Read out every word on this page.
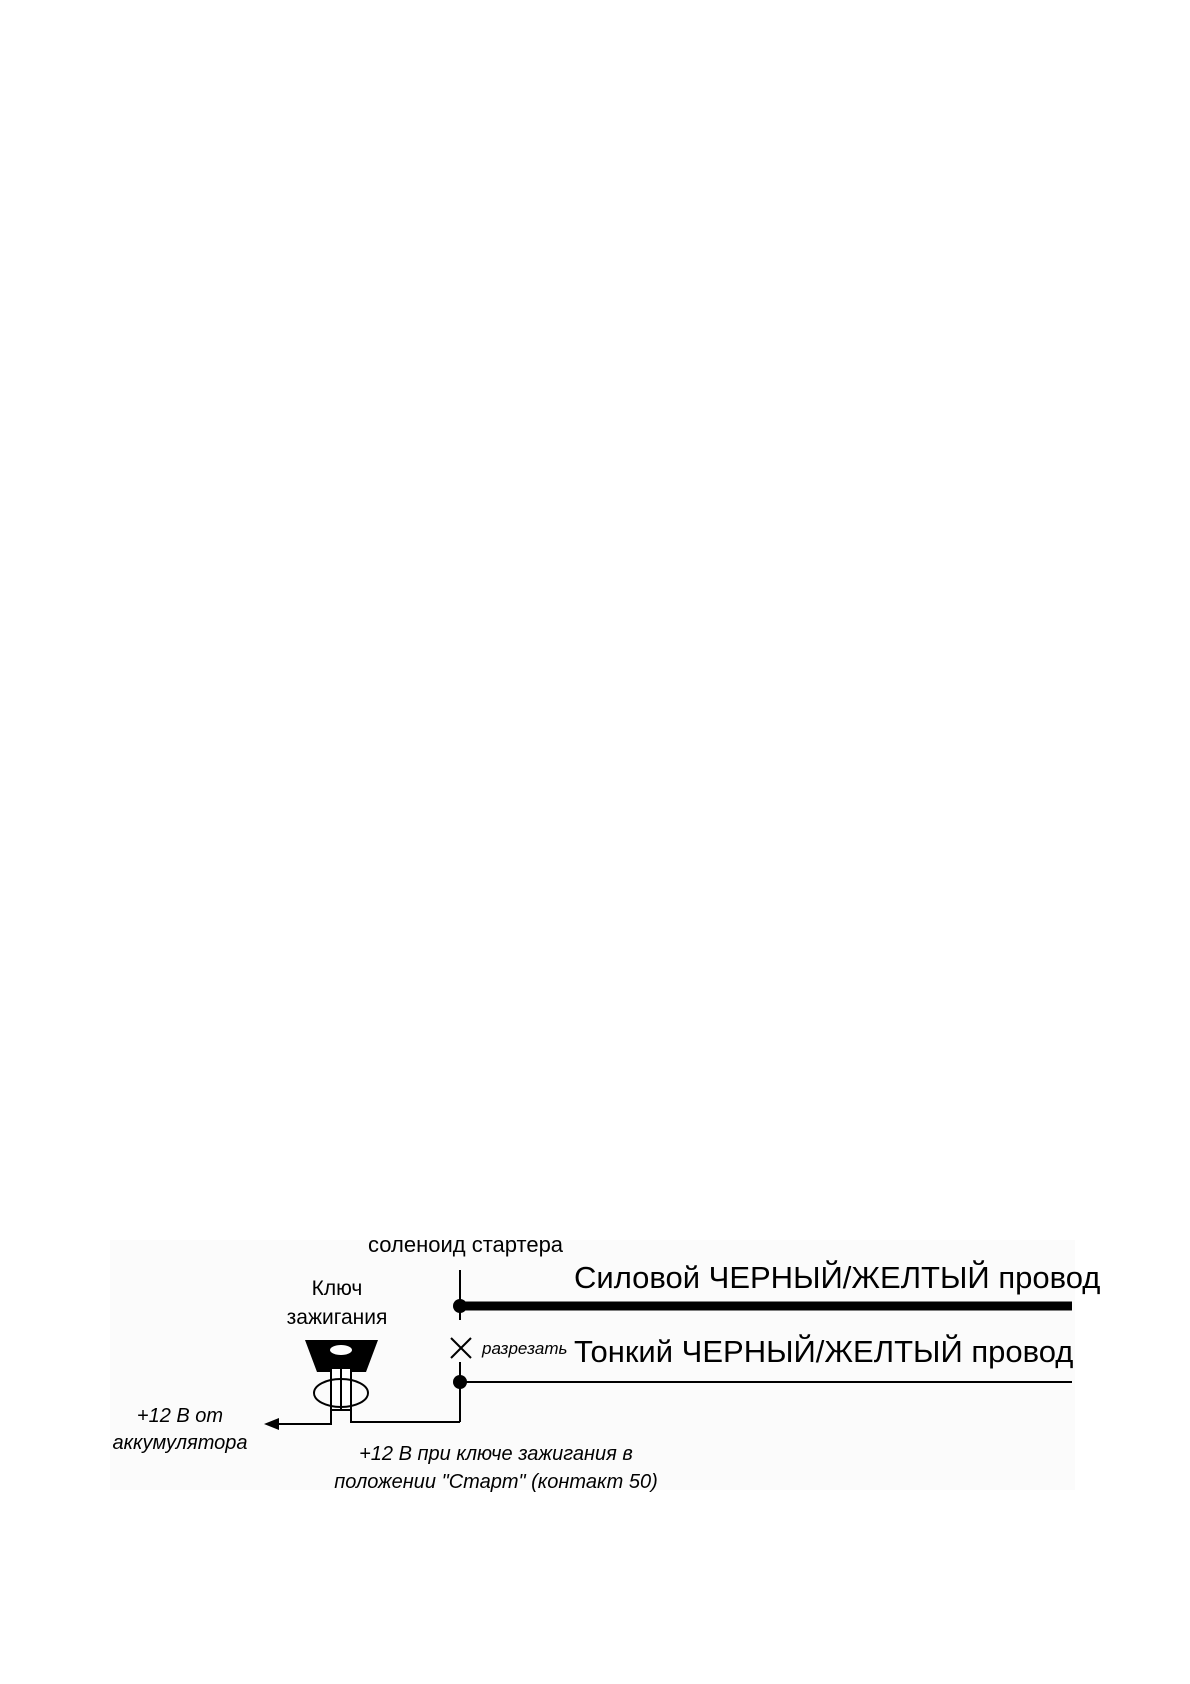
соленоид стартера
Силовой ЧЕРНЫЙ/ЖЕЛТЫЙ провод
Тонкий ЧЕРНЫЙ/ЖЕЛТЫЙ провод
разрезать
Ключ зажигания
+12 В от аккумулятора	+12 В при ключе зажигания в положении "Старт" (контакт 50)
